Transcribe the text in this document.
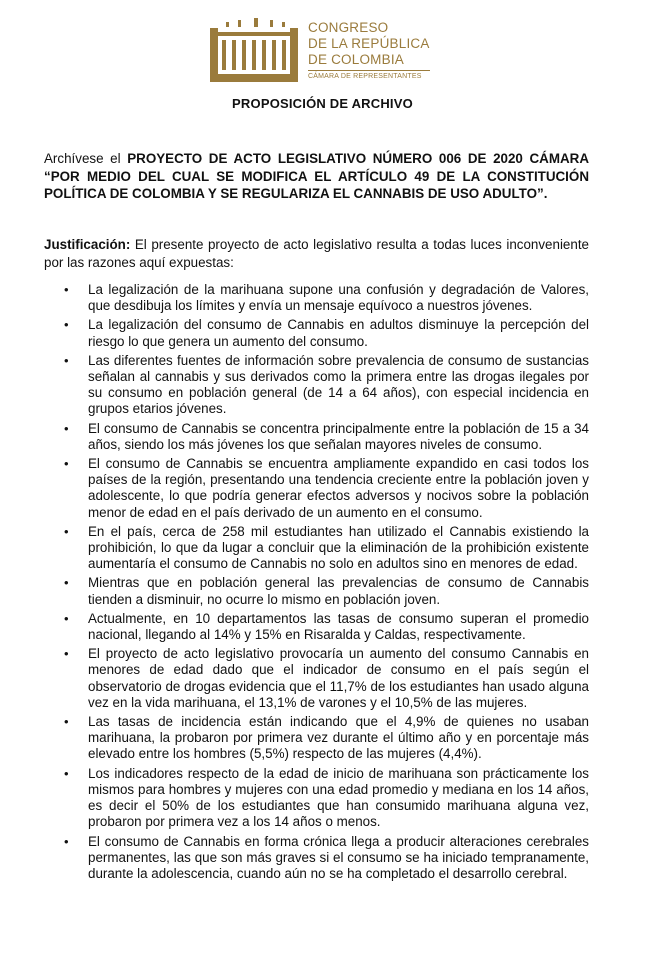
CONGRESO
DE LA REPÚBLICA
DE COLOMBIA
CÁMARA DE REPRESENTANTES
PROPOSICIÓN DE ARCHIVO
Archívese el PROYECTO DE ACTO LEGISLATIVO NÚMERO 006 DE 2020 CÁMARA “POR MEDIO DEL CUAL SE MODIFICA EL ARTÍCULO 49 DE LA CONSTITUCIÓN POLÍTICA DE COLOMBIA Y SE REGULARIZA EL CANNABIS DE USO ADULTO”.
Justificación: El presente proyecto de acto legislativo resulta a todas luces inconveniente por las razones aquí expuestas:
• La legalización de la marihuana supone una confusión y degradación de Valores, que desdibuja los límites y envía un mensaje equívoco a nuestros jóvenes.
• La legalización del consumo de Cannabis en adultos disminuye la percepción del riesgo lo que genera un aumento del consumo.
• Las diferentes fuentes de información sobre prevalencia de consumo de sustancias señalan al cannabis y sus derivados como la primera entre las drogas ilegales por su consumo en población general (de 14 a 64 años), con especial incidencia en grupos etarios jóvenes.
• El consumo de Cannabis se concentra principalmente entre la población de 15 a 34 años, siendo los más jóvenes los que señalan mayores niveles de consumo.
• El consumo de Cannabis se encuentra ampliamente expandido en casi todos los países de la región, presentando una tendencia creciente entre la población joven y adolescente, lo que podría generar efectos adversos y nocivos sobre la población menor de edad en el país derivado de un aumento en el consumo.
• En el país, cerca de 258 mil estudiantes han utilizado el Cannabis existiendo la prohibición, lo que da lugar a concluir que la eliminación de la prohibición existente aumentaría el consumo de Cannabis no solo en adultos sino en menores de edad.
• Mientras que en población general las prevalencias de consumo de Cannabis tienden a disminuir, no ocurre lo mismo en población joven.
• Actualmente, en 10 departamentos las tasas de consumo superan el promedio nacional, llegando al 14% y 15% en Risaralda y Caldas, respectivamente.
• El proyecto de acto legislativo provocaría un aumento del consumo Cannabis en menores de edad dado que el indicador de consumo en el país según el observatorio de drogas evidencia que el 11,7% de los estudiantes han usado alguna vez en la vida marihuana, el 13,1% de varones y el 10,5% de las mujeres.
• Las tasas de incidencia están indicando que el 4,9% de quienes no usaban marihuana, la probaron por primera vez durante el último año y en porcentaje más elevado entre los hombres (5,5%) respecto de las mujeres (4,4%).
• Los indicadores respecto de la edad de inicio de marihuana son prácticamente los mismos para hombres y mujeres con una edad promedio y mediana en los 14 años, es decir el 50% de los estudiantes que han consumido marihuana alguna vez, probaron por primera vez a los 14 años o menos.
• El consumo de Cannabis en forma crónica llega a producir alteraciones cerebrales permanentes, las que son más graves si el consumo se ha iniciado tempranamente, durante la adolescencia, cuando aún no se ha completado el desarrollo cerebral.
